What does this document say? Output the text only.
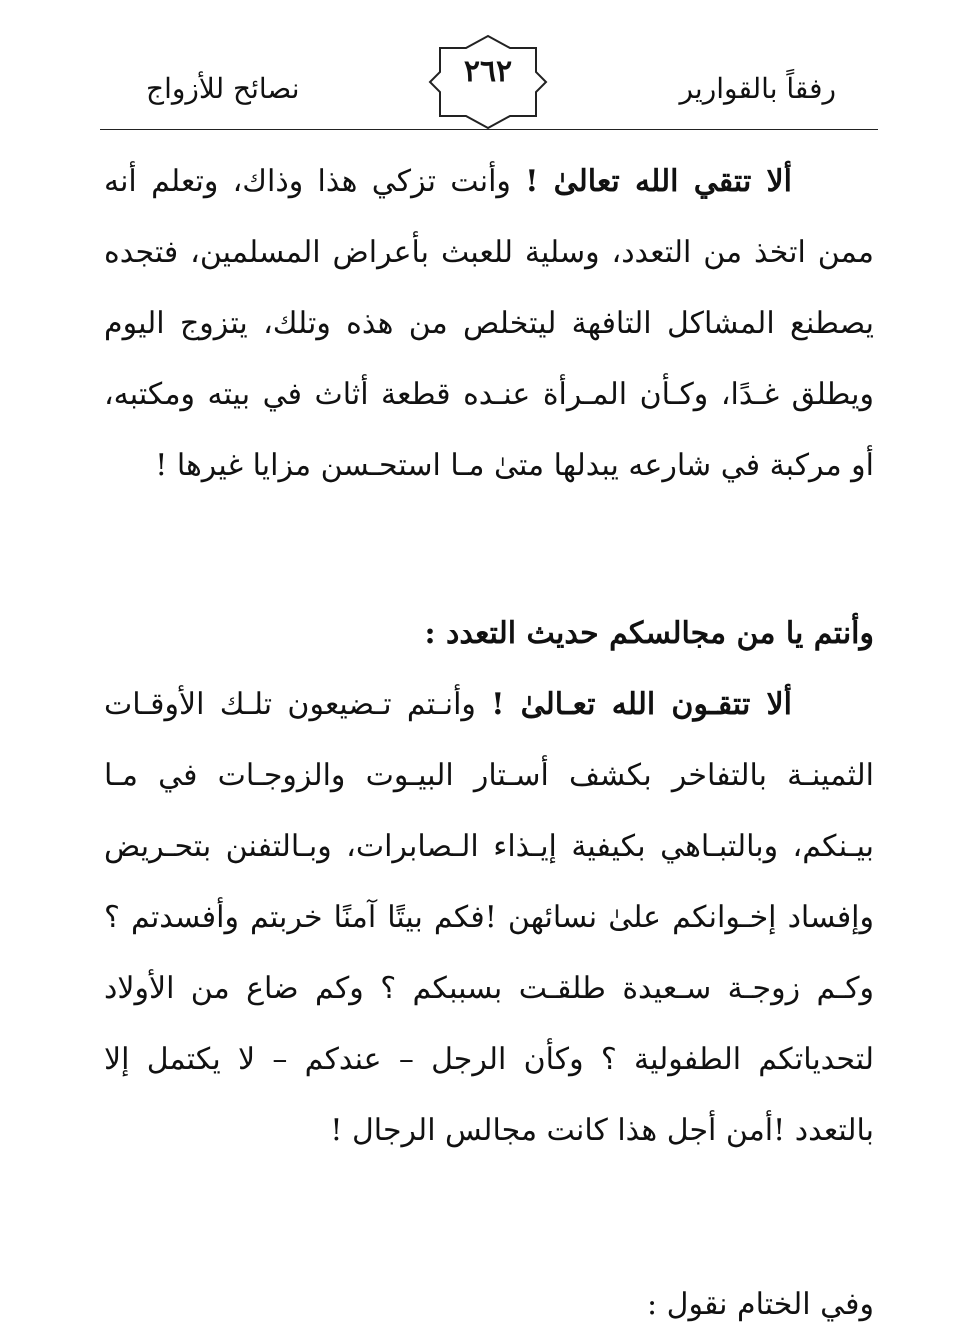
رفقاً بالقوارير
٢٦٢
نصائح للأزواج

ألا تتقي الله تعالىٰ ! وأنت تزكي هذا وذاك، وتعلم أنه ممن اتخذ من التعدد، وسلية للعبث بأعراض المسلمين، فتجده يصطنع المشاكل التافهة ليتخلص من هذه وتلك، يتزوج اليوم ويطلق غـدًا، وكـأن المـرأة عنـده قطعة أثاث في بيته ومكتبه، أو مركبة في شارعه يبدلها متىٰ مـا استحـسن مزايا غيرها !

وأنتم يا من مجالسكم حديث التعدد :

ألا تتقـون الله تعـالىٰ ! وأنـتم تـضيعون تلـك الأوقـات الثمينـة بالتفاخر بكشف أسـتار البيـوت والزوجـات في مـا بيـنكم، وبالتبـاهي بكيفية إيـذاء الـصابرات، وبـالتفنن بتحـريض وإفساد إخـوانكم علىٰ نسائهن !فكم بيتًا آمنًا خربتم وأفسدتم ؟ وكـم زوجـة سـعيدة طلقـت بسببكم ؟ وكم ضاع من الأولاد لتحدياتكم الطفولية ؟ وكأن الرجل – عندكم – لا يكتمل إلا بالتعدد !أمن أجل هذا كانت مجالس الرجال !

وفي الختام نقول :
